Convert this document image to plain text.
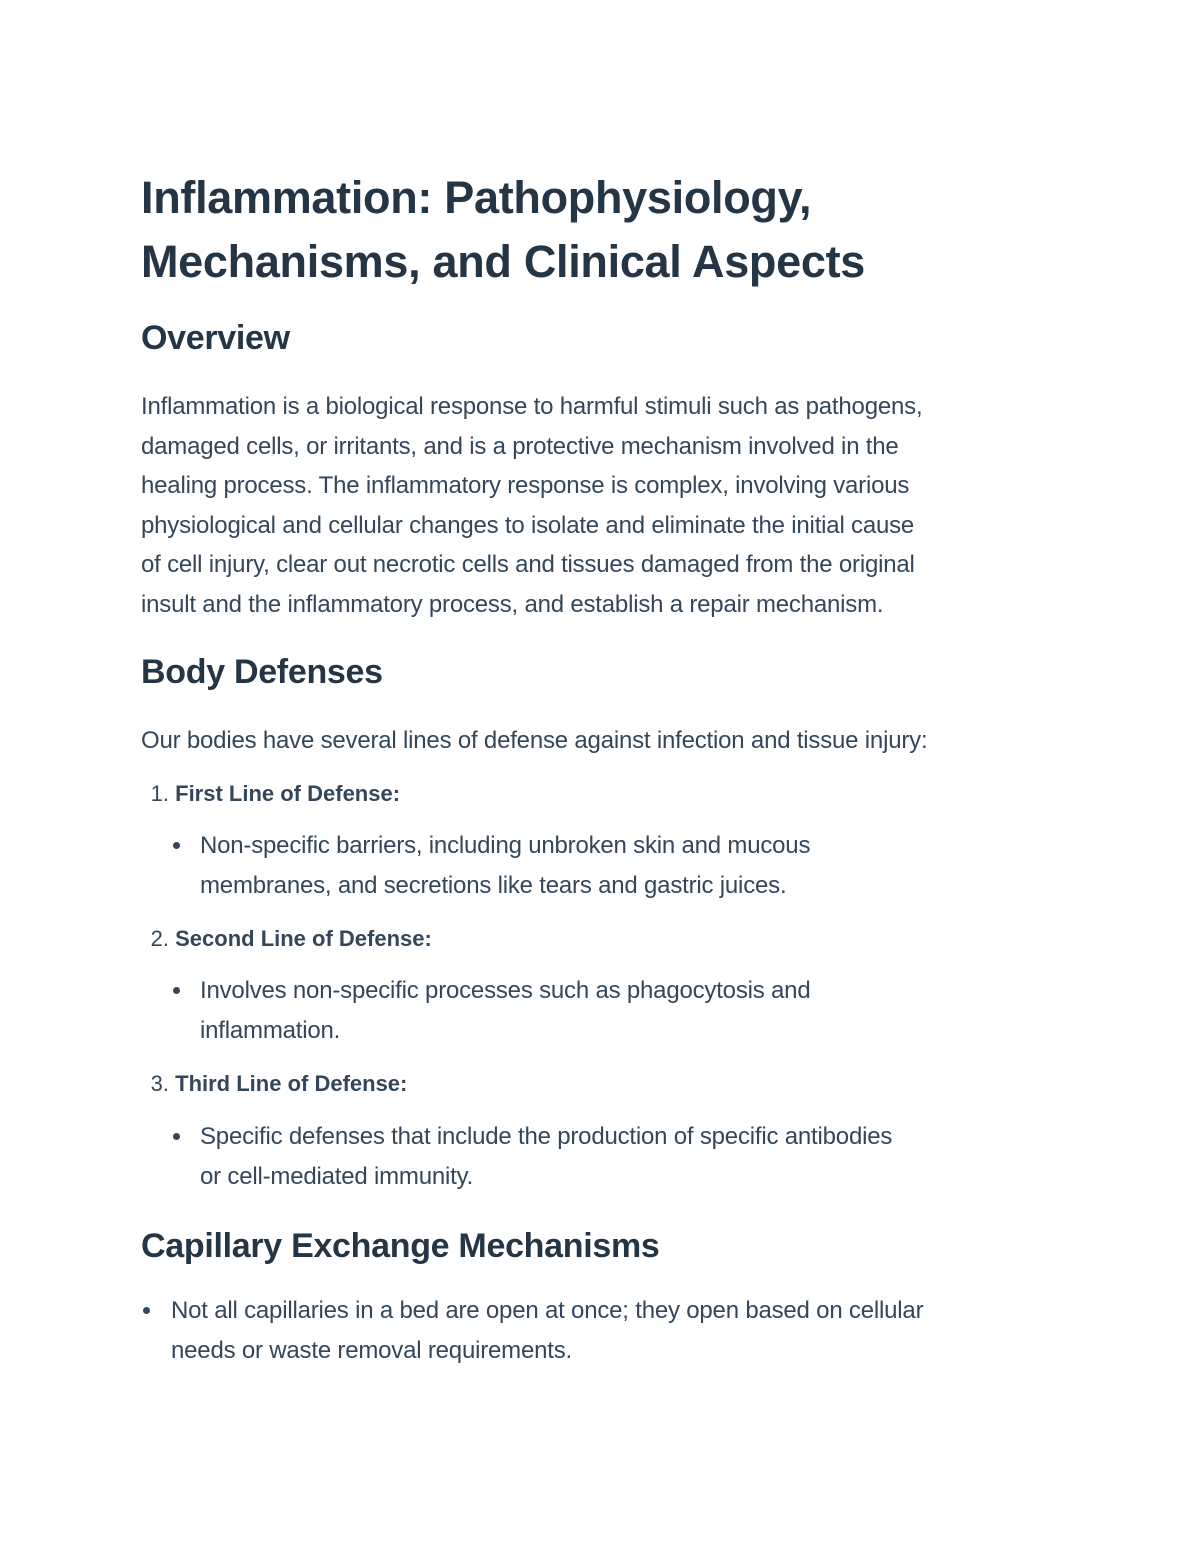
Inflammation: Pathophysiology,
Mechanisms, and Clinical Aspects
Overview

Inflammation is a biological response to harmful stimuli such as pathogens,
damaged cells, or irritants, and is a protective mechanism involved in the
healing process. The inflammatory response is complex, involving various
physiological and cellular changes to isolate and eliminate the initial cause
of cell injury, clear out necrotic cells and tissues damaged from the original
insult and the inflammatory process, and establish a repair mechanism.

Body Defenses

Our bodies have several lines of defense against infection and tissue injury:

1. First Line of Defense:
Non-specific barriers, including unbroken skin and mucous
membranes, and secretions like tears and gastric juices.
2. Second Line of Defense:
Involves non-specific processes such as phagocytosis and
inflammation.
3. Third Line of Defense:
Specific defenses that include the production of specific antibodies
or cell-mediated immunity.
Capillary Exchange Mechanisms
Not all capillaries in a bed are open at once; they open based on cellular
needs or waste removal requirements.
